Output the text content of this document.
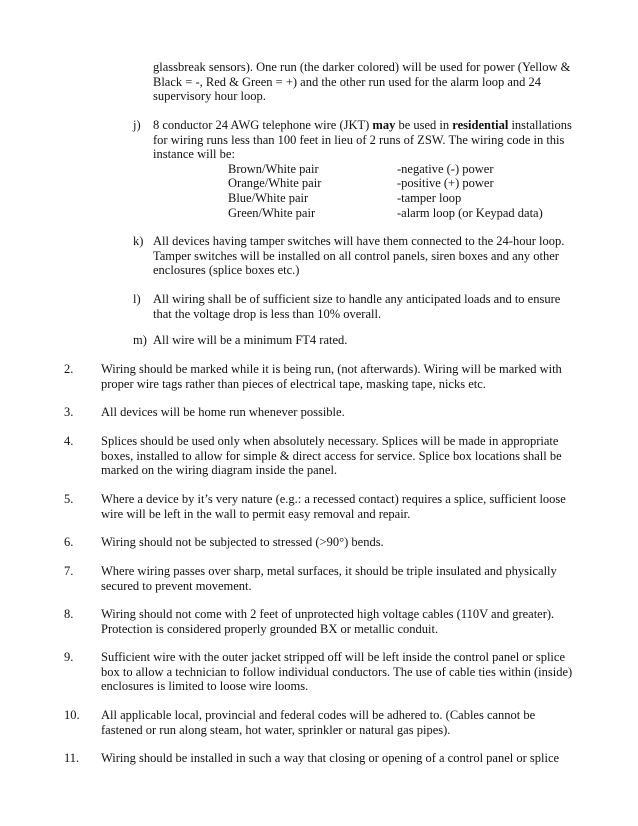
glassbreak sensors). One run (the darker colored) will be used for power (Yellow &
Black = -, Red & Green = +) and the other run used for the alarm loop and 24
supervisory hour loop.
j) 8 conductor 24 AWG telephone wire (JKT) may be used in residential installations
for wiring runs less than 100 feet in lieu of 2 runs of ZSW. The wiring code in this
instance will be:
Brown/White pair	-negative (-) power
Orange/White pair	-positive (+) power
Blue/White pair	-tamper loop
Green/White pair	-alarm loop (or Keypad data)
k) All devices having tamper switches will have them connected to the 24-hour loop.
Tamper switches will be installed on all control panels, siren boxes and any other
enclosures (splice boxes etc.)
l) All wiring shall be of sufficient size to handle any anticipated loads and to ensure
that the voltage drop is less than 10% overall.
m) All wire will be a minimum FT4 rated.
2. Wiring should be marked while it is being run, (not afterwards). Wiring will be marked with
proper wire tags rather than pieces of electrical tape, masking tape, nicks etc.
3. All devices will be home run whenever possible.
4. Splices should be used only when absolutely necessary. Splices will be made in appropriate
boxes, installed to allow for simple & direct access for service. Splice box locations shall be
marked on the wiring diagram inside the panel.
5. Where a device by it’s very nature (e.g.: a recessed contact) requires a splice, sufficient loose
wire will be left in the wall to permit easy removal and repair.
6. Wiring should not be subjected to stressed (>90°) bends.
7. Where wiring passes over sharp, metal surfaces, it should be triple insulated and physically
secured to prevent movement.
8. Wiring should not come with 2 feet of unprotected high voltage cables (110V and greater).
Protection is considered properly grounded BX or metallic conduit.
9. Sufficient wire with the outer jacket stripped off will be left inside the control panel or splice
box to allow a technician to follow individual conductors. The use of cable ties within (inside)
enclosures is limited to loose wire looms.
10. All applicable local, provincial and federal codes will be adhered to. (Cables cannot be
fastened or run along steam, hot water, sprinkler or natural gas pipes).
11. Wiring should be installed in such a way that closing or opening of a control panel or splice
